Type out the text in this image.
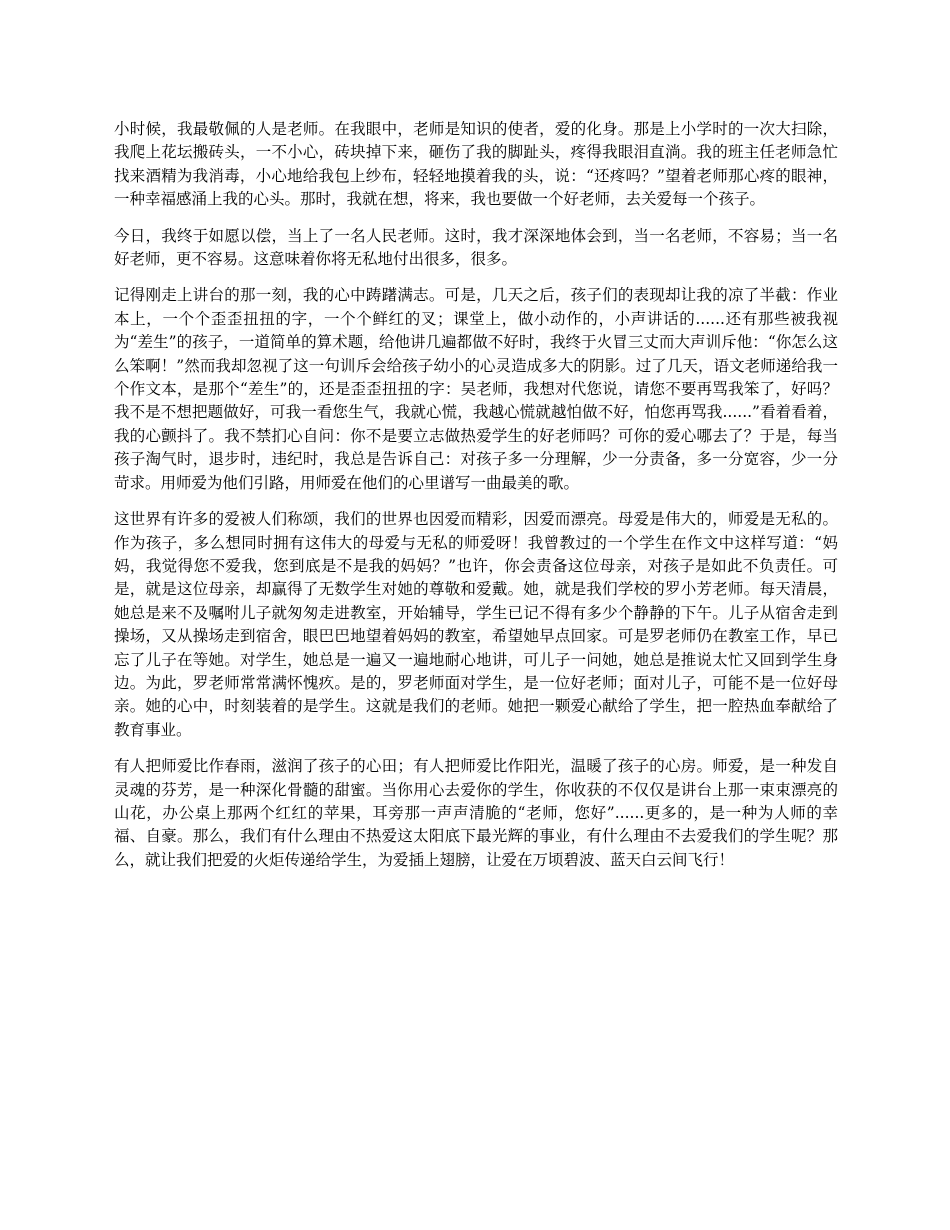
小时候，我最敬佩的人是老师。在我眼中，老师是知识的使者，爱的化身。那是上小学时的一次大扫除，我爬上花坛搬砖头，一不小心，砖块掉下来，砸伤了我的脚趾头，疼得我眼泪直淌。我的班主任老师急忙找来酒精为我消毒，小心地给我包上纱布，轻轻地摸着我的头，说：“还疼吗？”望着老师那心疼的眼神，一种幸福感涌上我的心头。那时，我就在想，将来，我也要做一个好老师，去关爱每一个孩子。

今日，我终于如愿以偿，当上了一名人民老师。这时，我才深深地体会到，当一名老师，不容易；当一名好老师，更不容易。这意味着你将无私地付出很多，很多。

记得刚走上讲台的那一刻，我的心中踌躇满志。可是，几天之后，孩子们的表现却让我的凉了半截：作业本上，一个个歪歪扭扭的字，一个个鲜红的叉；课堂上，做小动作的，小声讲话的......还有那些被我视为“差生”的孩子，一道简单的算术题，给他讲几遍都做不好时，我终于火冒三丈而大声训斥他：“你怎么这么笨啊！”然而我却忽视了这一句训斥会给孩子幼小的心灵造成多大的阴影。过了几天，语文老师递给我一个作文本，是那个“差生”的，还是歪歪扭扭的字：吴老师，我想对代您说，请您不要再骂我笨了，好吗？我不是不想把题做好，可我一看您生气，我就心慌，我越心慌就越怕做不好，怕您再骂我......”看着看着，我的心颤抖了。我不禁扪心自问：你不是要立志做热爱学生的好老师吗？可你的爱心哪去了？于是，每当孩子淘气时，退步时，违纪时，我总是告诉自己：对孩子多一分理解，少一分责备，多一分宽容，少一分苛求。用师爱为他们引路，用师爱在他们的心里谱写一曲最美的歌。

这世界有许多的爱被人们称颂，我们的世界也因爱而精彩，因爱而漂亮。母爱是伟大的，师爱是无私的。作为孩子，多么想同时拥有这伟大的母爱与无私的师爱呀！我曾教过的一个学生在作文中这样写道：“妈妈，我觉得您不爱我，您到底是不是我的妈妈？”也许，你会责备这位母亲，对孩子是如此不负责任。可是，就是这位母亲，却赢得了无数学生对她的尊敬和爱戴。她，就是我们学校的罗小芳老师。每天清晨，她总是来不及嘱咐儿子就匆匆走进教室，开始辅导，学生已记不得有多少个静静的下午。儿子从宿舍走到操场，又从操场走到宿舍，眼巴巴地望着妈妈的教室，希望她早点回家。可是罗老师仍在教室工作，早已忘了儿子在等她。对学生，她总是一遍又一遍地耐心地讲，可儿子一问她，她总是推说太忙又回到学生身边。为此，罗老师常常满怀愧疚。是的，罗老师面对学生，是一位好老师；面对儿子，可能不是一位好母亲。她的心中，时刻装着的是学生。这就是我们的老师。她把一颗爱心献给了学生，把一腔热血奉献给了教育事业。

有人把师爱比作春雨，滋润了孩子的心田；有人把师爱比作阳光，温暖了孩子的心房。师爱，是一种发自灵魂的芬芳，是一种深化骨髓的甜蜜。当你用心去爱你的学生，你收获的不仅仅是讲台上那一束束漂亮的山花，办公桌上那两个红红的苹果，耳旁那一声声清脆的“老师，您好”......更多的，是一种为人师的幸福、自豪。那么，我们有什么理由不热爱这太阳底下最光辉的事业，有什么理由不去爱我们的学生呢？那么，就让我们把爱的火炬传递给学生，为爱插上翅膀，让爱在万顷碧波、蓝天白云间飞行！
